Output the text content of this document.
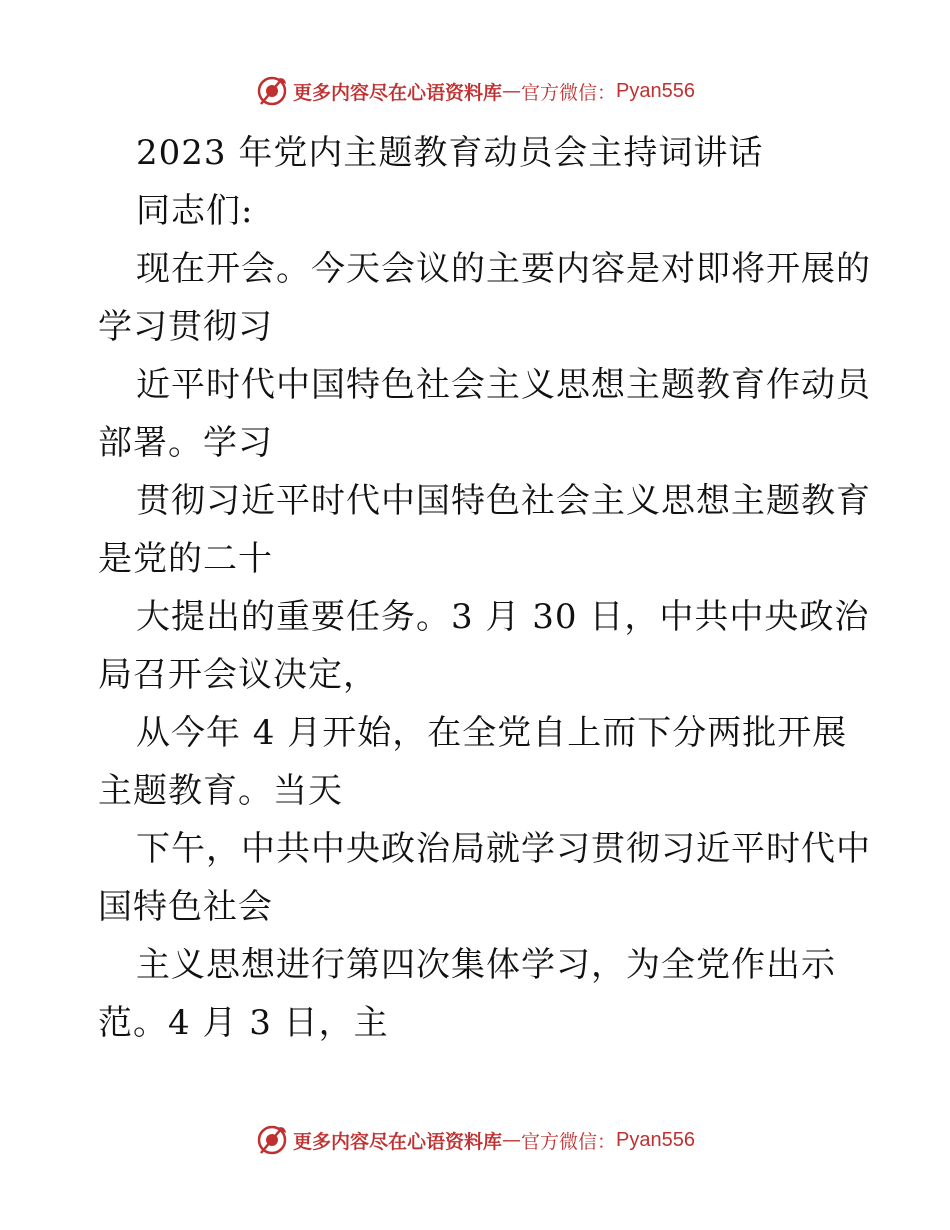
更多内容尽在心语资料库 — 官方微信： Pyan556
2023 年党内主题教育动员会主持词讲话
同志们:
现在开会。今天会议的主要内容是对即将开展的
学习贯彻习
近平时代中国特色社会主义思想主题教育作动员
部署。学习
贯彻习近平时代中国特色社会主义思想主题教育
是党的二十
大提出的重要任务。3 月 30 日，中共中央政治
局召开会议决定，
从今年 4 月开始，在全党自上而下分两批开展
主题教育。当天
下午，中共中央政治局就学习贯彻习近平时代中
国特色社会
主义思想进行第四次集体学习，为全党作出示
范。4 月 3 日，主
更多内容尽在心语资料库 — 官方微信： Pyan556
